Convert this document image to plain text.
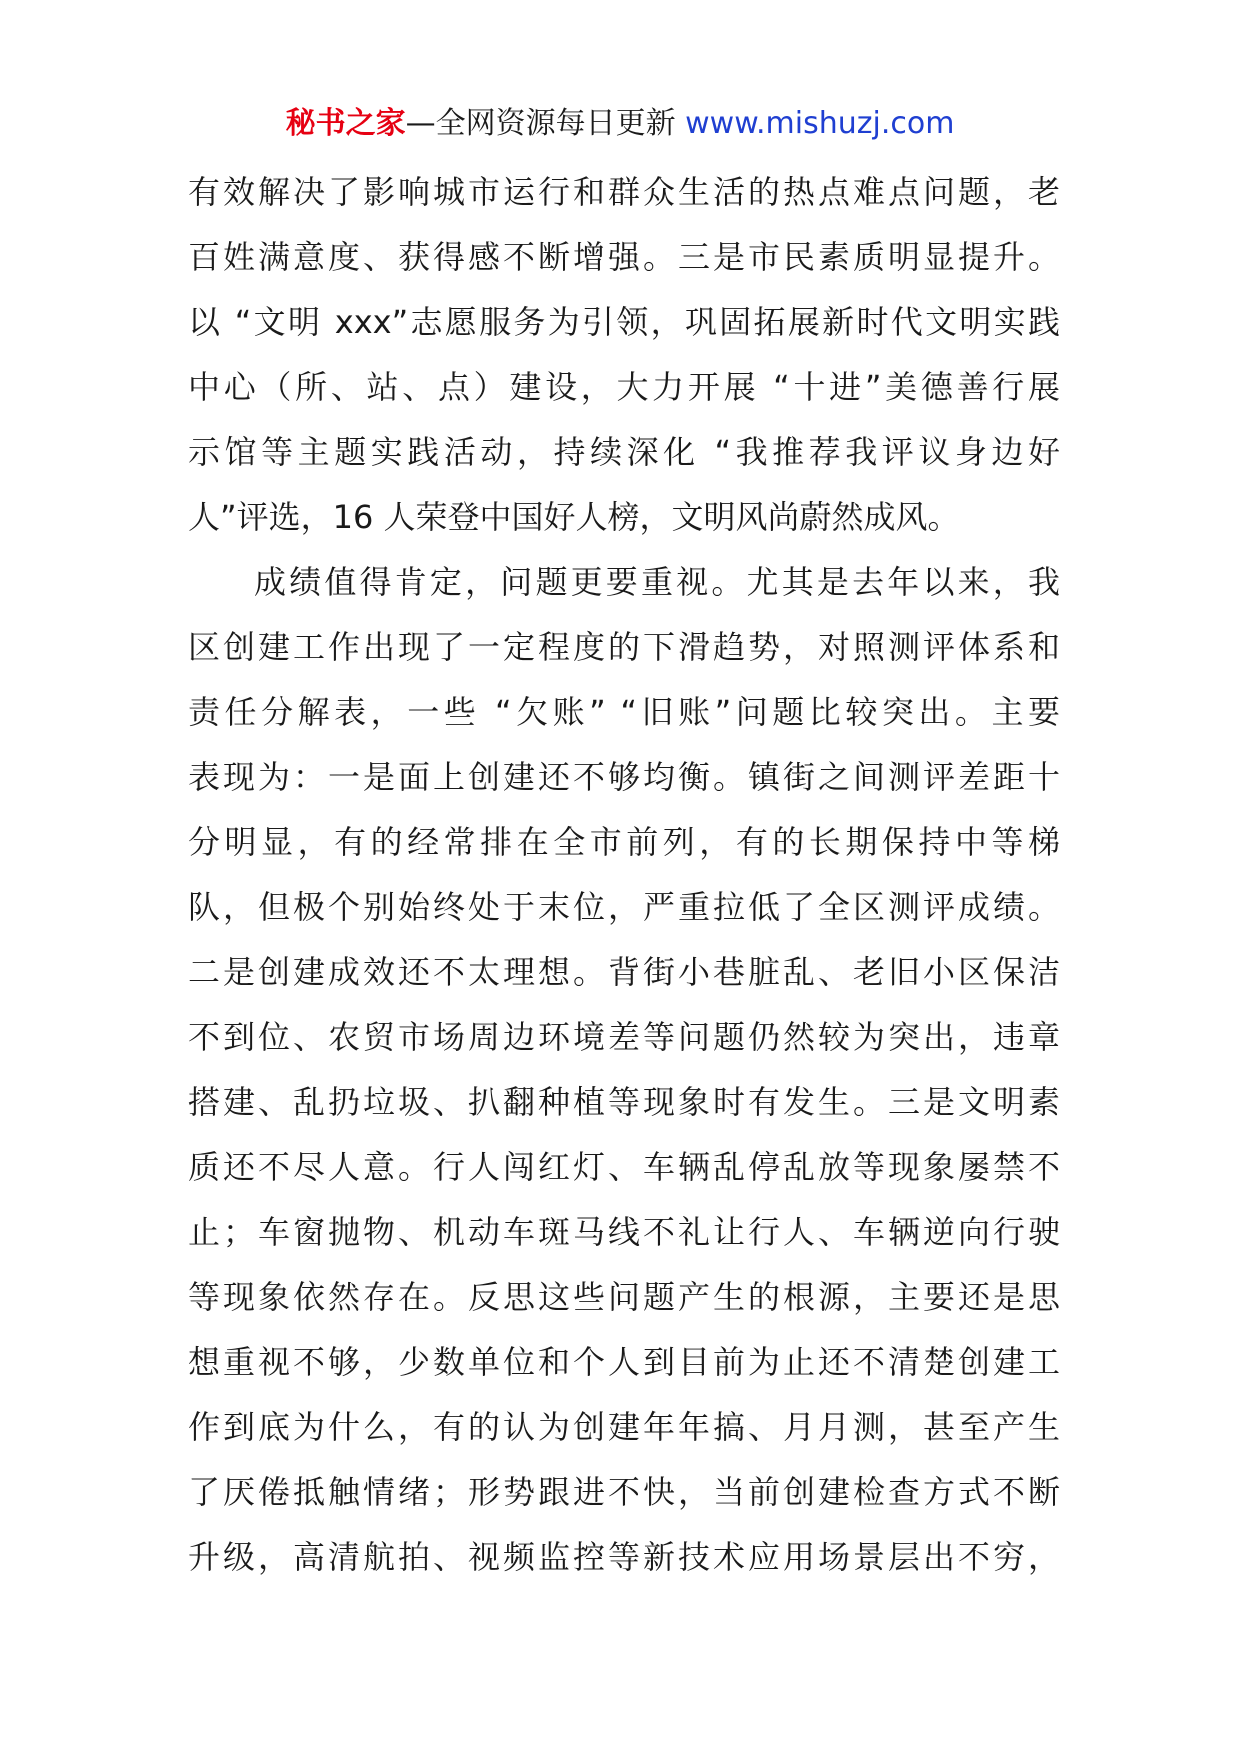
秘书之家—全网资源每日更新 www.mishuzj.com
有效解决了影响城市运行和群众生活的热点难点问题，老
百姓满意度、获得感不断增强。三是市民素质明显提升。
以 “文明 xxx”志愿服务为引领，巩固拓展新时代文明实践
中心（所、站、点）建设，大力开展 “十进”美德善行展
示馆等主题实践活动，持续深化 “我推荐我评议身边好
人”评选，16 人荣登中国好人榜，文明风尚蔚然成风。
成绩值得肯定，问题更要重视。尤其是去年以来，我
区创建工作出现了一定程度的下滑趋势，对照测评体系和
责任分解表，一些 “欠账” “旧账”问题比较突出。主要
表现为：一是面上创建还不够均衡。镇街之间测评差距十
分明显，有的经常排在全市前列，有的长期保持中等梯
队，但极个别始终处于末位，严重拉低了全区测评成绩。
二是创建成效还不太理想。背街小巷脏乱、老旧小区保洁
不到位、农贸市场周边环境差等问题仍然较为突出，违章
搭建、乱扔垃圾、扒翻种植等现象时有发生。三是文明素
质还不尽人意。行人闯红灯、车辆乱停乱放等现象屡禁不
止；车窗抛物、机动车斑马线不礼让行人、车辆逆向行驶
等现象依然存在。反思这些问题产生的根源，主要还是思
想重视不够，少数单位和个人到目前为止还不清楚创建工
作到底为什么，有的认为创建年年搞、月月测，甚至产生
了厌倦抵触情绪；形势跟进不快，当前创建检查方式不断
升级，高清航拍、视频监控等新技术应用场景层出不穷，
